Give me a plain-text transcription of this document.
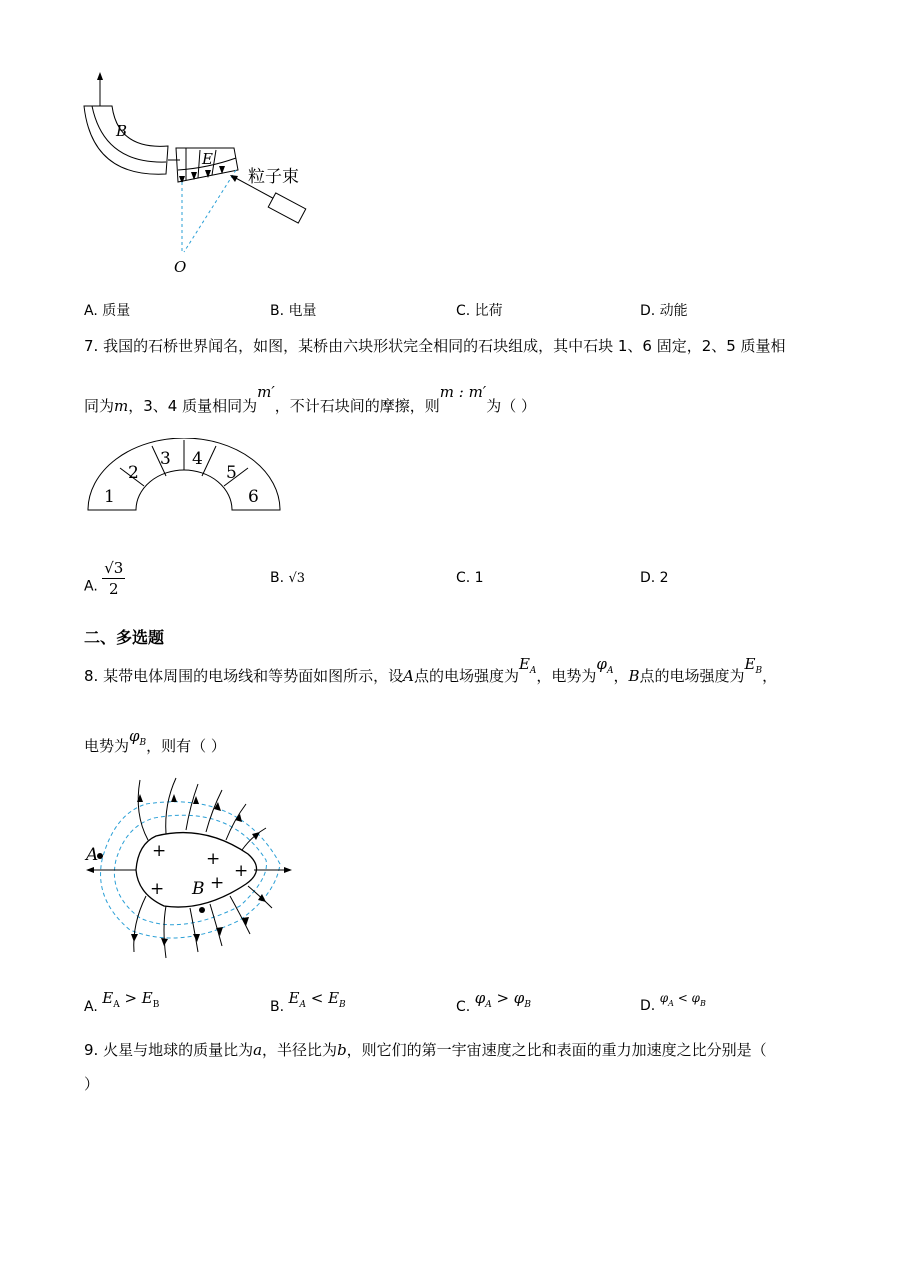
B
E
O
粒子束
A. 质量	B. 电量	C. 比荷	D. 动能
7. 我国的石桥世界闻名，如图，某桥由六块形状完全相同的石块组成，其中石块 1、6 固定，2、5 质量相
同为m，3、4 质量相同为m′，不计石块间的摩擦，则m : m′为（ ）
1
2
3 4
5
6
A. $\frac{√3}{2}$	B. √3	C. 1	D. 2
二、多选题
8. 某带电体周围的电场线和等势面如图所示，设A点的电场强度为$E_A$，电势为$\varphi_A$，B点的电场强度为$E_B$，
电势为$\varphi_B$，则有（ ）
A
B
+ +
+
+	+
A. $E_A > E_B$	B. $E_A < E_B$	C. $\varphi_A > \varphi_B$	D. $\varphi_A < \varphi_B$
9. 火星与地球的质量比为a，半径比为b，则它们的第一宇宙速度之比和表面的重力加速度之比分别是（
）
